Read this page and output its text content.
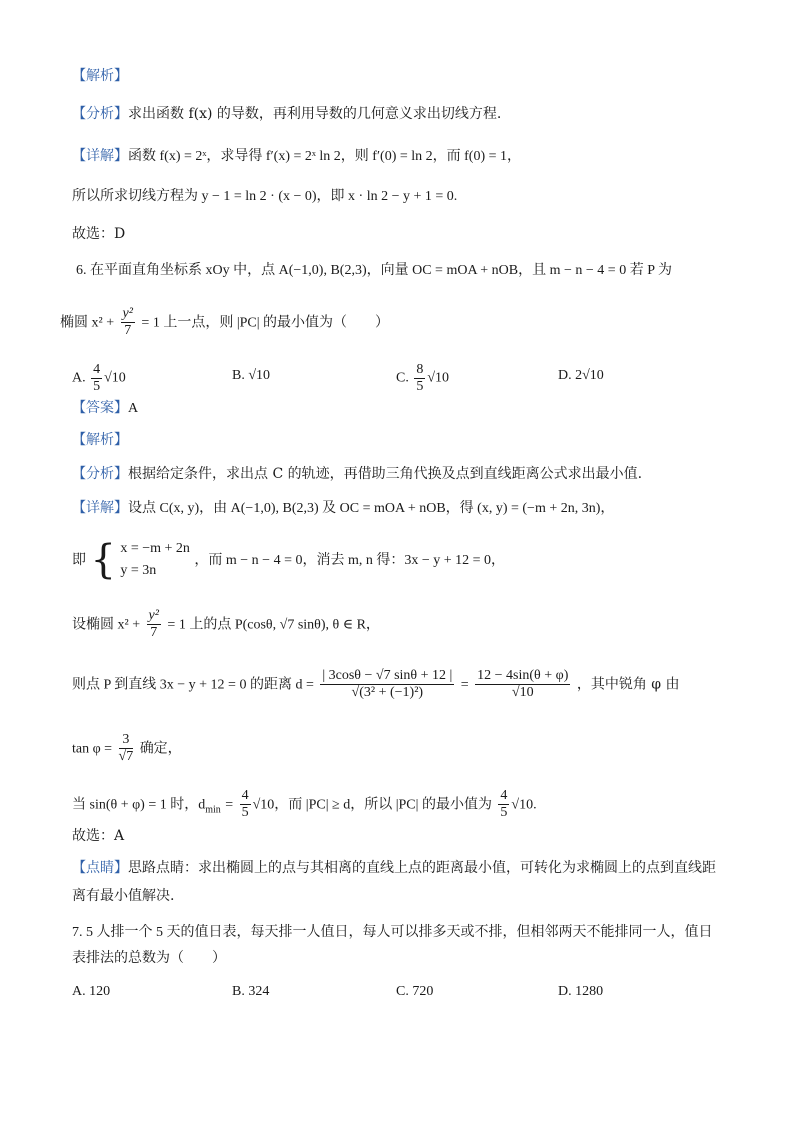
【解析】
【分析】求出函数 f(x) 的导数，再利用导数的几何意义求出切线方程.
【详解】函数 f(x) = 2ˣ，求导得 f′(x) = 2ˣ ln 2，则 f′(0) = ln 2，而 f(0) = 1，
所以所求切线方程为 y − 1 = ln 2 · (x − 0)，即 x · ln 2 − y + 1 = 0.
故选：D
6. 在平面直角坐标系 xOy 中，点 A(−1,0), B(2,3)，向量 OC = mOA + nOB，且 m − n − 4 = 0 若 P 为
椭圆 $x^2 + \frac{\text{y²}}{7} = 1$ 上一点，则 |PC| 的最小值为（　　）
A. $\frac{4}{5} √10$	B. √10	C. $\frac{8}{5} √10$	D. 2√10
【答案】A
【解析】
【分析】根据给定条件，求出点 C 的轨迹，再借助三角代换及点到直线距离公式求出最小值.
【详解】设点 C(x, y)，由 A(−1,0), B(2,3) 及 OC = mOA + nOB，得 (x, y) = (−m + 2n, 3n)，
即 { x = −m + 2n
y = 3n
，而 m − n − 4 = 0，消去 m, n 得：3x − y + 12 = 0，
设椭圆 $x^2 + \frac{\text{y²}}{7} = 1$ 上的点 P(cosθ, √7 sinθ), θ ∈ R，
则点 P 到直线 3x − y + 12 = 0 的距离 $d = \frac{| 3\cos\theta - √7 \sin\theta + 12 |}{\text{√(3² + (−1)²)}} = \frac{12 - 4\sin(\theta + \varphi)}{√10}$ ，其中锐角 φ 由
$\tan \varphi = \frac{3}{√7}$ 确定，
当 sin(θ + φ) = 1 时，$d_{min} = \frac{4}{5} √10$，而 |PC| ≥ d，所以 |PC| 的最小值为 $\frac{4}{5} √10$.
故选：A
【点睛】思路点睛：求出椭圆上的点与其相离的直线上点的距离最小值，可转化为求椭圆上的点到直线距
离有最小值解决.
7. 5 人排一个 5 天的值日表，每天排一人值日，每人可以排多天或不排，但相邻两天不能排同一人，值日
表排法的总数为（　　）
A. 120	B. 324	C. 720	D. 1280
